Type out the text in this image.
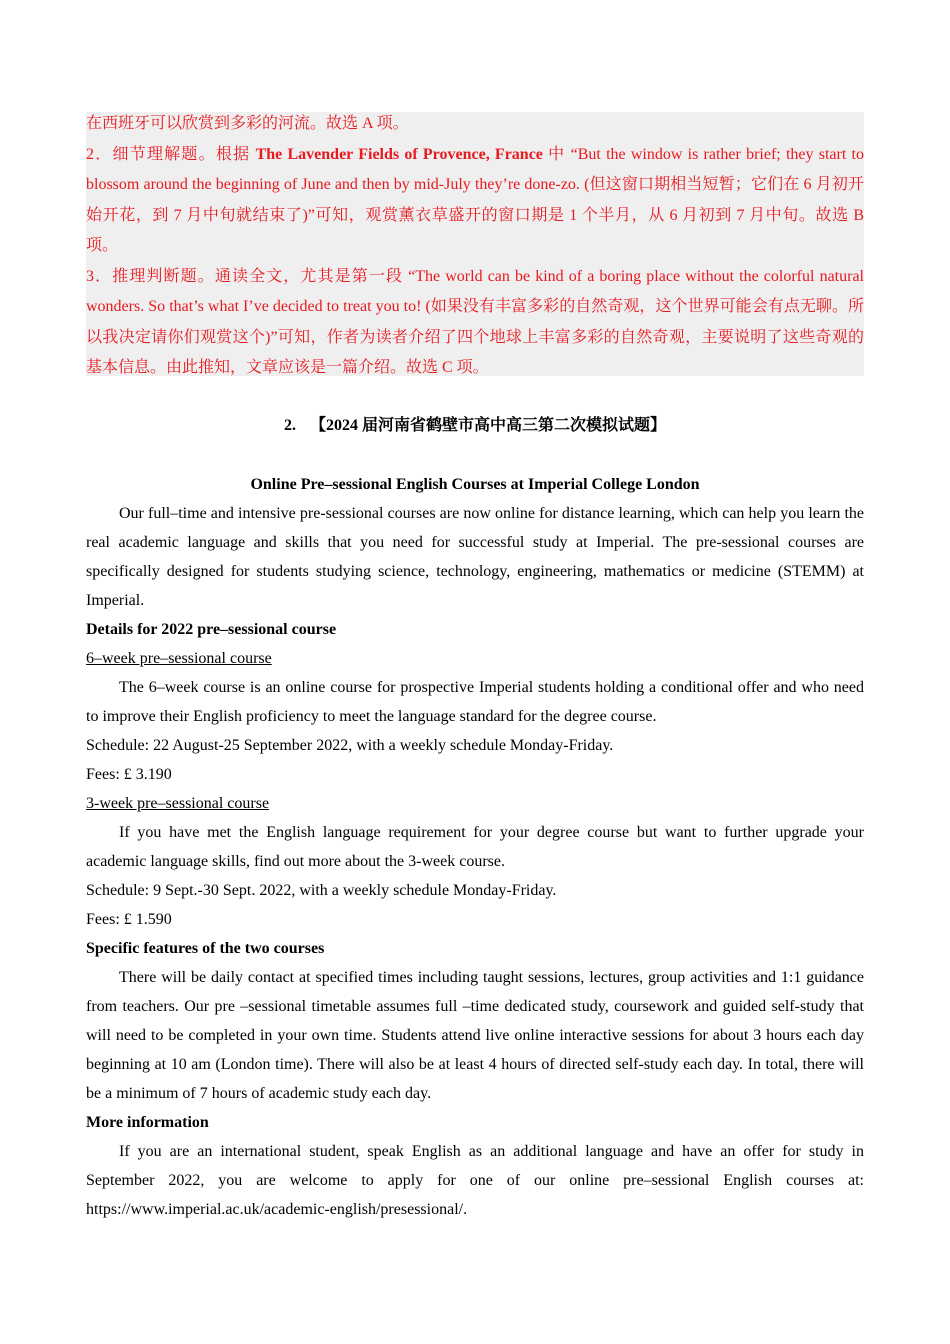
在西班牙可以欣赏到多彩的河流。故选 A 项。

2．细节理解题。根据 The Lavender Fields of Provence, France 中 “But the window is rather brief; they start to blossom around the beginning of June and then by mid-July they’re done-zo. (但这窗口期相当短暂；它们在 6 月初开始开花，到 7 月中旬就结束了)”可知，观赏薰衣草盛开的窗口期是 1 个半月，从 6 月初到 7 月中旬。故选 B 项。

3．推理判断题。通读全文，尤其是第一段 “The world can be kind of a boring place without the colorful natural wonders. So that’s what I’ve decided to treat you to! (如果没有丰富多彩的自然奇观，这个世界可能会有点无聊。所以我决定请你们观赏这个)”可知，作者为读者介绍了四个地球上丰富多彩的自然奇观，主要说明了这些奇观的基本信息。由此推知，文章应该是一篇介绍。故选 C 项。

2. 【2024 届河南省鹤壁市高中高三第二次模拟试题】

Online Pre–sessional English Courses at Imperial College London

Our full–time and intensive pre-sessional courses are now online for distance learning, which can help you learn the real academic language and skills that you need for successful study at Imperial. The pre-sessional courses are specifically designed for students studying science, technology, engineering, mathematics or medicine (STEMM) at Imperial.

Details for 2022 pre–sessional course

6–week pre–sessional course

The 6–week course is an online course for prospective Imperial students holding a conditional offer and who need to improve their English proficiency to meet the language standard for the degree course.

Schedule: 22 August-25 September 2022, with a weekly schedule Monday-Friday.

Fees: £ 3.190

3-week pre–sessional course

If you have met the English language requirement for your degree course but want to further upgrade your academic language skills, find out more about the 3-week course.

Schedule: 9 Sept.-30 Sept. 2022, with a weekly schedule Monday-Friday.

Fees: £ 1.590

Specific features of the two courses

There will be daily contact at specified times including taught sessions, lectures, group activities and 1:1 guidance from teachers. Our pre –sessional timetable assumes full –time dedicated study, coursework and guided self-study that will need to be completed in your own time. Students attend live online interactive sessions for about 3 hours each day beginning at 10 am (London time). There will also be at least 4 hours of directed self-study each day. In total, there will be a minimum of 7 hours of academic study each day.

More information

If you are an international student, speak English as an additional language and have an offer for study in September 2022, you are welcome to apply for one of our online pre–sessional English courses at: https://www.imperial.ac.uk/academic-english/presessional/.
